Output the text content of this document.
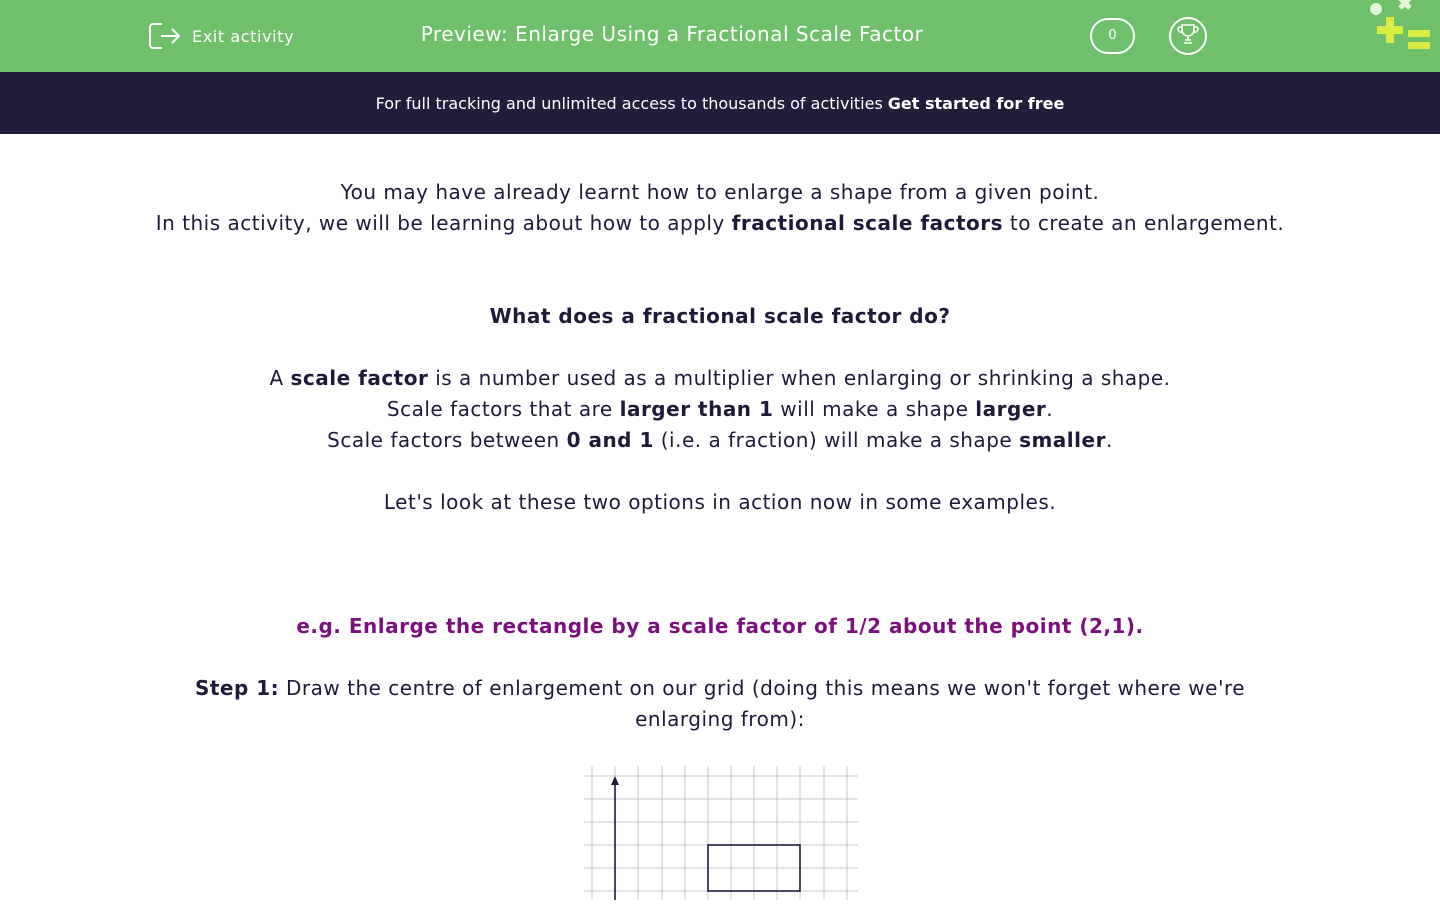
Exit activity	Preview: Enlarge Using a Fractional Scale Factor	0
For full tracking and unlimited access to thousands of activities Get started for free

You may have already learnt how to enlarge a shape from a given point.

In this activity, we will be learning about how to apply fractional scale factors to create an enlargement.

What does a fractional scale factor do?

A scale factor is a number used as a multiplier when enlarging or shrinking a shape.

Scale factors that are larger than 1 will make a shape larger.

Scale factors between 0 and 1 (i.e. a fraction) will make a shape smaller.

Let's look at these two options in action now in some examples.

e.g. Enlarge the rectangle by a scale factor of 1/2 about the point (2,1).

Step 1: Draw the centre of enlargement on our grid (doing this means we won't forget where we're enlarging from):
